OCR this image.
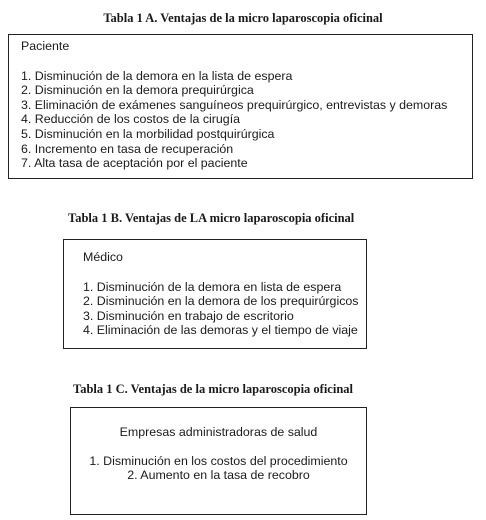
Tabla 1 A. Ventajas de la micro laparoscopia oficinal
Paciente
1. Disminución de la demora en la lista de espera
2. Disminución en la demora prequirúrgica
3. Eliminación de exámenes sanguíneos prequirúrgico, entrevistas y demoras
4. Reducción de los costos de la cirugía
5. Disminución en la morbilidad postquirúrgica
6. Incremento en tasa de recuperación
7. Alta tasa de aceptación por el paciente
Tabla 1 B. Ventajas de LA micro laparoscopia oficinal
Médico
1. Disminución de la demora en lista de espera
2. Disminución en la demora de los prequirúrgicos
3. Disminución en trabajo de escritorio
4. Eliminación de las demoras y el tiempo de viaje
Tabla 1 C. Ventajas de la micro laparoscopia oficinal
Empresas administradoras de salud
1. Disminución en los costos del procedimiento
2. Aumento en la tasa de recobro
